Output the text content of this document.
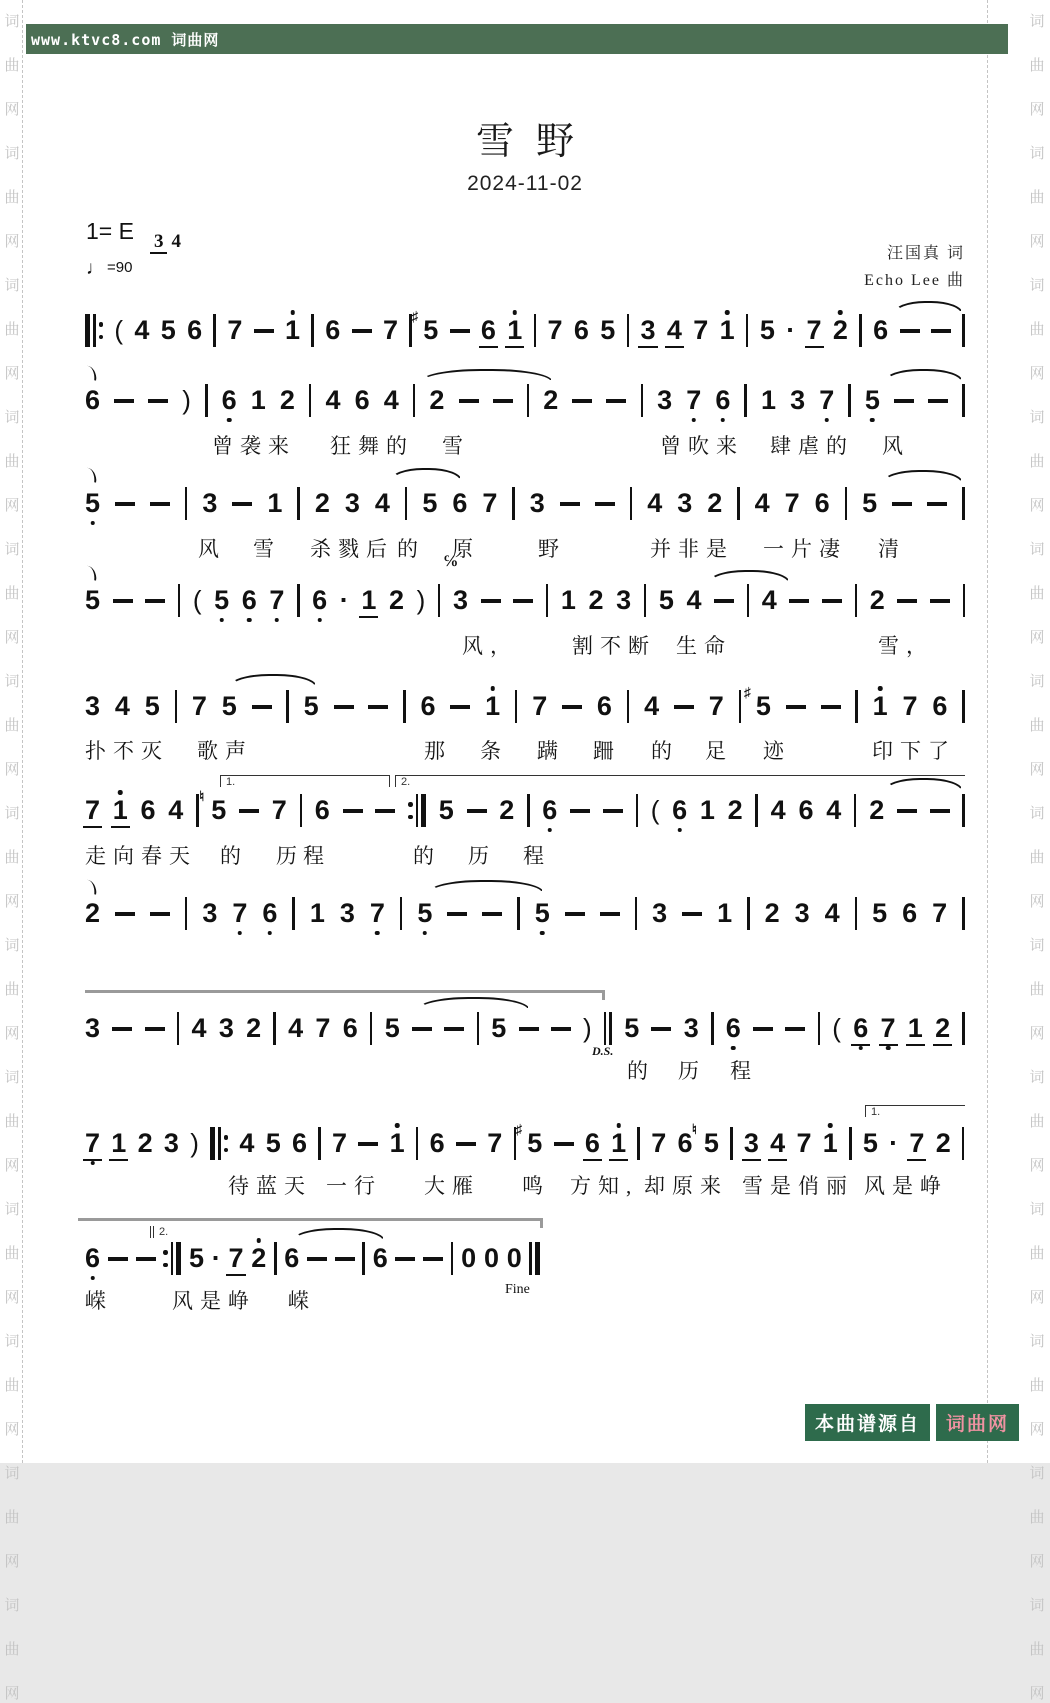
词
曲
网
词
曲
网
词
曲
网
词
曲
网
词
曲
网
词
曲
网
词
曲
网
词
曲
网
词
曲
网
词
曲
网
词
曲
网
词
曲
网
词
曲
网
词
曲
网
词
曲
网
词
曲
网
词
曲
网
词
曲
网
词
曲
网
词
曲
网
词
曲
网
词
曲
网
词
曲
网
词
曲
网
词
曲
网
词
曲
网
www.ktvc8.com 词曲网
雪野
2024-11-02
1= E 3 4
♩ =90
汪国真 词
Echo Lee 曲
( 4 5 6 7 1 6 7 5
♯ 6 1 7 6 5 3 4 7 1 5 · 7 2 6
6	) 6 1 2 4 6 4 2	2	3 7 6 1 3 7 5
曾袭来 狂舞的 雪	曾吹来 肆虐的 风
5	3 1 2 3 4 5 6 7 3	4 3 2 4 7 6 5
风 雪 杀戮后 的 原	野	并非是 一片凄 清
5	( 5 6 7 6 · 1 2 ) 3	1 2 3 5 4 4	2
风，	割不断 生 命	雪，
3 4 5 7 5 5	6 1 7 6 4 7 5
♯	1 7 6
扑不灭 歌 声	那 条 蹒 跚 的 足 迹	印下了
7 1 6 4 5
♮ 7 6	5 2 6	( 6 1 2 4 6 4 2
走向春天 的 历 程	的 历 程
2	3 7 6 1 3 7 5	5	3 1 2 3 4 5 6 7
3	4 3 2 4 7 6 5	5	) 5 3 6	( 6 7 1 2
的 历 程
7 1 2 3 ) 4 5 6 7 1 6 7 5
♯ 6 1 7 6 5
♮ 3 4 7 1 5 · 7 2
待蓝天 一行 大雁 鸣 方知, 却原来 雪是俏丽 风是峥
6	5 · 7 2 6	6	0 0 0
嵘	风是峥 嵘
1.	2.
1.
2.
℅
D.S.
Fine
本曲谱源自	词曲网
